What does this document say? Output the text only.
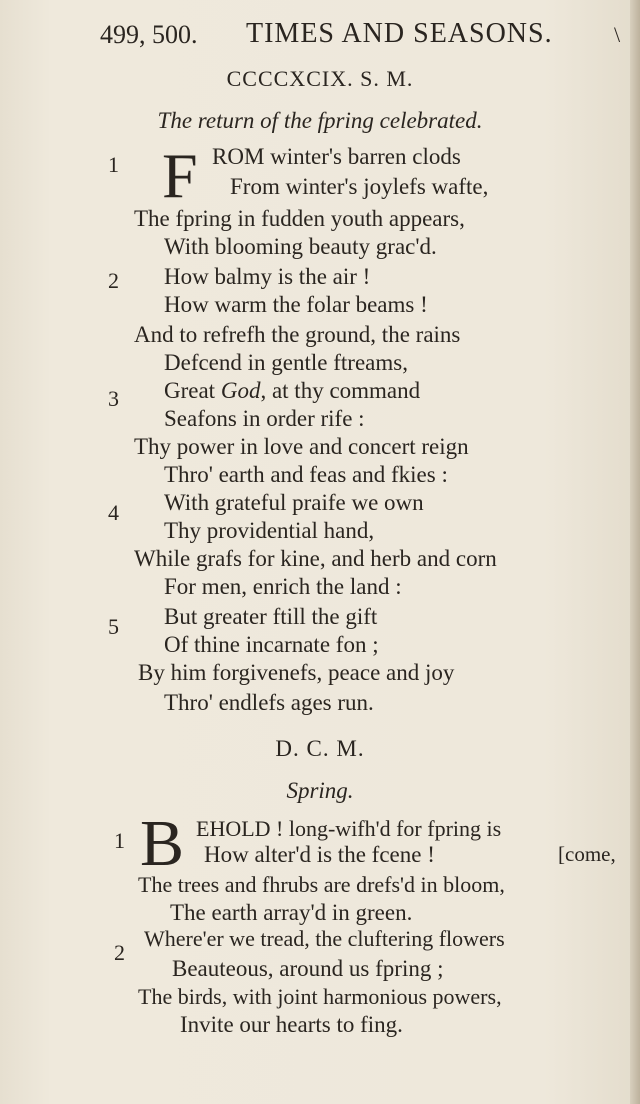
499, 500. TIMES AND SEASONS.	\
CCCCXCIX. S. M.
The return of the fpring celebrated.
1 F ROM winter's barren clods
From winter's joylefs wafte,
The fpring in fudden youth appears,
With blooming beauty grac'd.
2 How balmy is the air !
How warm the folar beams !
And to refrefh the ground, the rains
Defcend in gentle ftreams,
3 Great God, at thy command
Seafons in order rife :
Thy power in love and concert reign
Thro' earth and feas and fkies :
4 With grateful praife we own
Thy providential hand,
While grafs for kine, and herb and corn
For men, enrich the land :
5 But greater ftill the gift
Of thine incarnate fon ;
By him forgivenefs, peace and joy
Thro' endlefs ages run.
D. C. M.
Spring.
1 B EHOLD ! long-wifh'd for fpring is
How alter'd is the fcene !	[come,
The trees and fhrubs are drefs'd in bloom,
The earth array'd in green.
2
Where'er we tread, the cluftering flowers
Beauteous, around us fpring ;
The birds, with joint harmonious powers,
Invite our hearts to fing.
